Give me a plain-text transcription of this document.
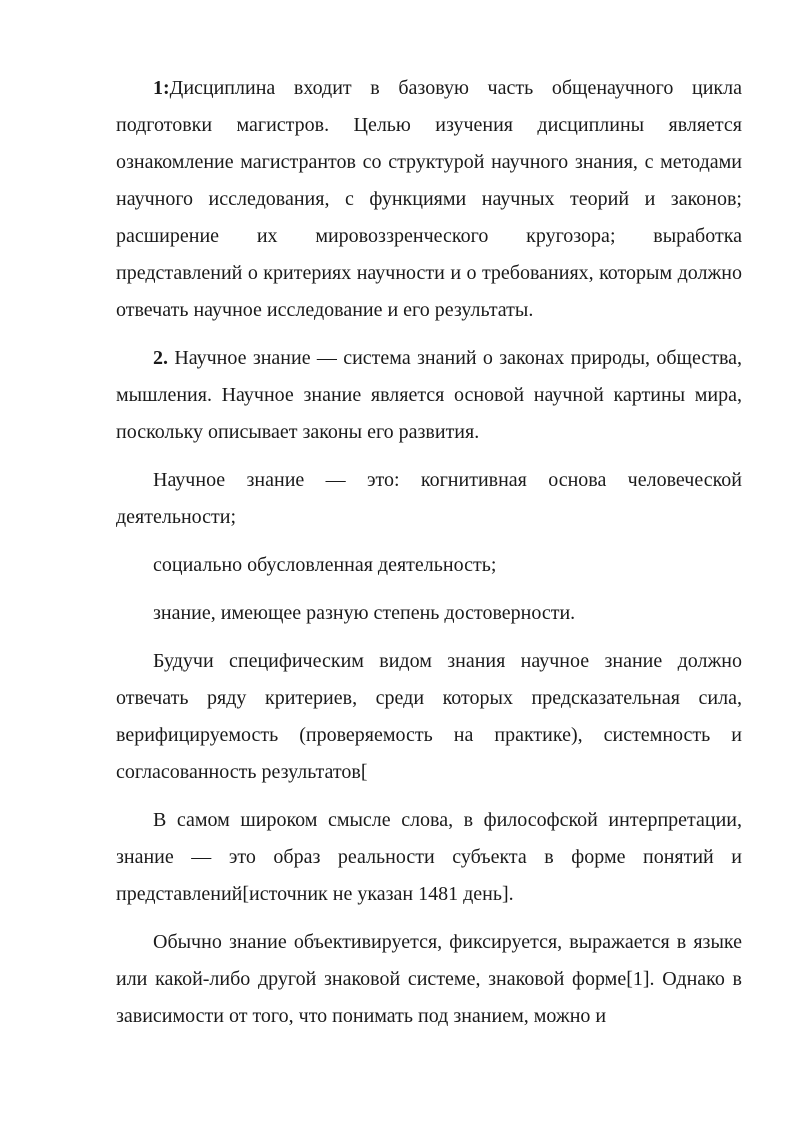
1:Дисциплина входит в базовую часть общенаучного цикла подготовки магистров. Целью изучения дисциплины является ознакомление магистрантов со структурой научного знания, с методами научного исследования, с функциями научных теорий и законов; расширение их мировоззренческого кругозора; выработка представлений о критериях научности и о требованиях, которым должно отвечать научное исследование и его результаты.

2. Научное знание — система знаний о законах природы, общества, мышления. Научное знание является основой научной картины мира, поскольку описывает законы его развития.

Научное знание — это: когнитивная основа человеческой деятельности;

социально обусловленная деятельность;

знание, имеющее разную степень достоверности.

Будучи специфическим видом знания научное знание должно отвечать ряду критериев, среди которых предсказательная сила, верифицируемость (проверяемость на практике), системность и согласованность результатов[

В самом широком смысле слова, в философской интерпретации, знание — это образ реальности субъекта в форме понятий и представлений[источник не указан 1481 день].

Обычно знание объективируется, фиксируется, выражается в языке или какой-либо другой знаковой системе, знаковой форме[1]. Однако в зависимости от того, что понимать под знанием, можно и
